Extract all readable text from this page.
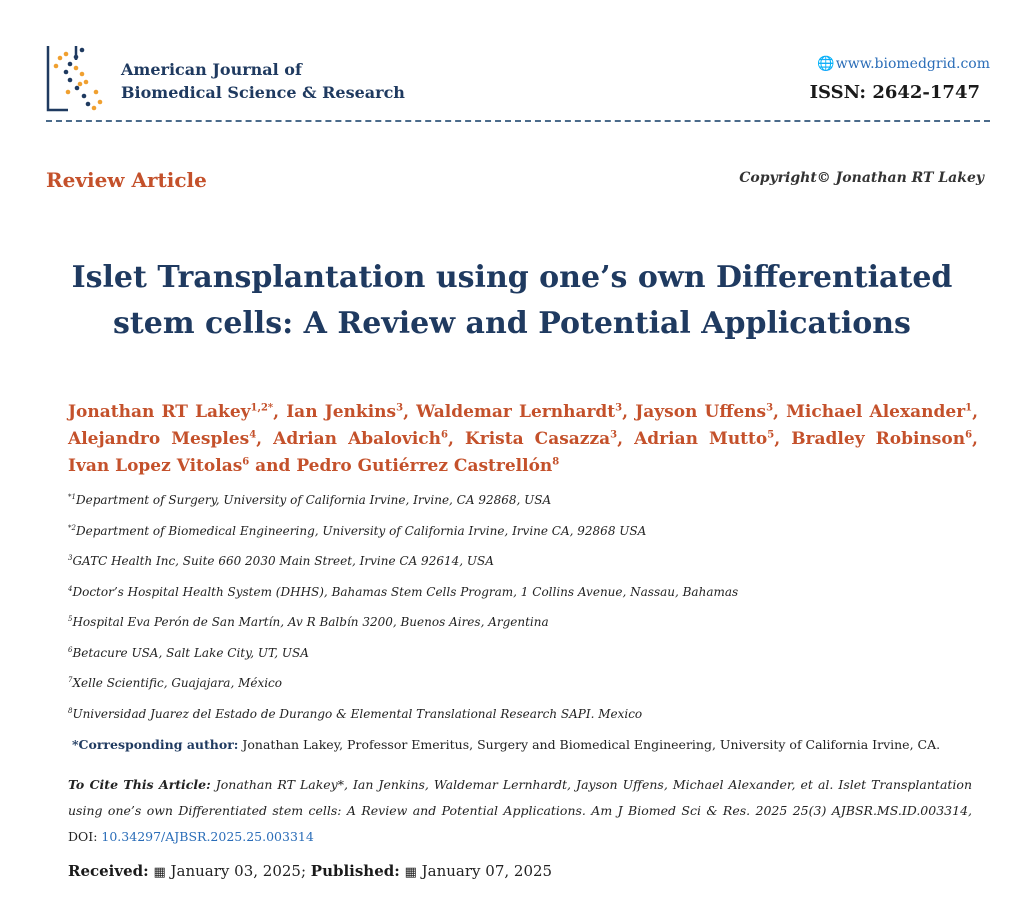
American Journal of
Biomedical Science & Research
🌐www.biomedgrid.com
ISSN: 2642-1747
Review Article	Copyright© Jonathan RT Lakey
Islet Transplantation using one’s own Differentiated stem cells: A Review and Potential Applications
Jonathan RT Lakey$^{1,2*}$, Ian Jenkins$^3$, Waldemar Lernhardt$^3$, Jayson Uffens$^3$, Michael Alexander$^1$, Alejandro Mesples$^4$, Adrian Abalovich$^6$, Krista Casazza$^3$, Adrian Mutto$^5$, Bradley Robinson$^6$, Ivan Lopez Vitolas$^6$ and Pedro Gutiérrez Castrellón$^8$
$^{*1}$Department of Surgery, University of California Irvine, Irvine, CA 92868, USA
$^{*2}$Department of Biomedical Engineering, University of California Irvine, Irvine CA, 92868 USA
$^3$GATC Health Inc, Suite 660 2030 Main Street, Irvine CA 92614, USA
$^4$Doctor’s Hospital Health System (DHHS), Bahamas Stem Cells Program, 1 Collins Avenue, Nassau, Bahamas
$^5$Hospital Eva Perón de San Martín, Av R Balbín 3200, Buenos Aires, Argentina
$^6$Betacure USA, Salt Lake City, UT, USA
$^7$Xelle Scientific, Guajajara, México
$^8$Universidad Juarez del Estado de Durango & Elemental Translational Research SAPI. Mexico
*Corresponding author: Jonathan Lakey, Professor Emeritus, Surgery and Biomedical Engineering, University of California Irvine, CA.
To Cite This Article: Jonathan RT Lakey*, Ian Jenkins, Waldemar Lernhardt, Jayson Uffens, Michael Alexander, et al. Islet Transplantation using one’s own Differentiated stem cells: A Review and Potential Applications. Am J Biomed Sci & Res. 2025 25(3) AJBSR.MS.ID.003314, DOI: 10.34297/AJBSR.2025.25.003314
Received: ▦ January 03, 2025; Published: ▦ January 07, 2025
